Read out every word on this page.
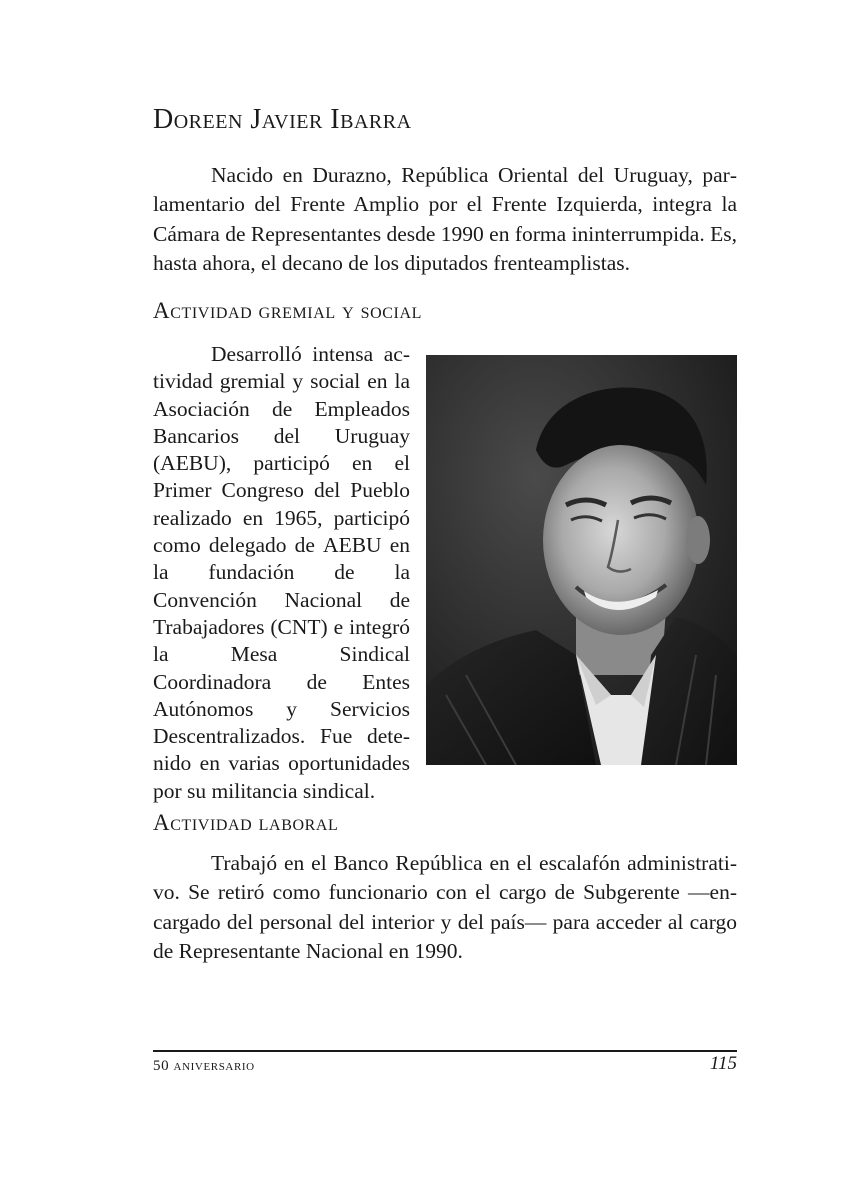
Doreen Javier Ibarra

Nacido en Durazno, República Oriental del Uruguay, parlamentario del Frente Amplio por el Frente Izquierda, integra la Cámara de Representantes desde 1990 en forma ininterrumpida. Es, hasta ahora, el decano de los diputados frenteamplistas.

Actividad gremial y social

Desarrolló intensa actividad gremial y social en la Asociación de Empleados Bancarios del Uruguay (AEBU), participó en el Primer Congreso del Pueblo realizado en 1965, participó como delegado de AEBU en la fundación de la Convención Nacional de Trabajadores (CNT) e integró la Mesa Sindical Coordinadora de Entes Autónomos y Servicios Descentralizados. Fue detenido en varias oportunidades por su militancia sindical.

Actividad laboral

Trabajó en el Banco República en el escalafón administrativo. Se retiró como funcionario con el cargo de Subgerente —encargado del personal del interior y del país— para acceder al cargo de Representante Nacional en 1990.

50 aniversario	115
